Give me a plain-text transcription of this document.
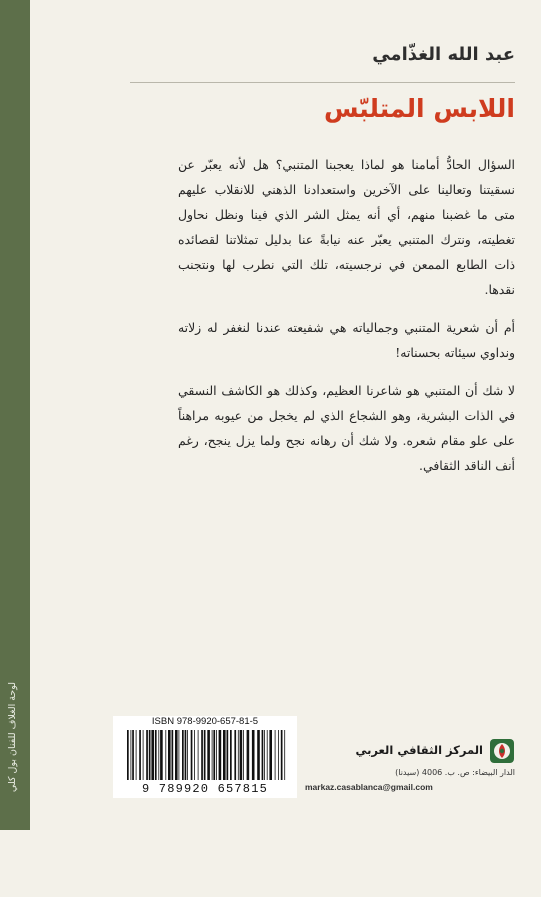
لوحة الغلاف للفنان بول كلي
عبد الله الغذّامي
اللابس المتلبّس

السؤال الحادُّ أمامنا هو لماذا يعجبنا المتنبي؟ هل لأنه يعبّر عن نسقيتنا وتعالينا على الآخرين واستعدادنا الذهني للانقلاب عليهم متى ما غضبنا منهم، أي أنه يمثل الشر الذي فينا ونظل نحاول تغطيته، ونترك المتنبي يعبّر عنه نيابةً عنا بدليل تمثلاتنا لقصائده ذات الطابع الممعن في نرجسيته، تلك التي نطرب لها ونتجنب نقدها.

أم أن شعرية المتنبي وجمالياته هي شفيعته عندنا لنغفر له زلاته ونداوي سيئاته بحسناته!

لا شك أن المتنبي هو شاعرنا العظيم، وكذلك هو الكاشف النسقي في الذات البشرية، وهو الشجاع الذي لم يخجل من عيوبه مراهناً على علو مقام شعره. ولا شك أن رهانه نجح ولما يزل ينجح، رغم أنف الناقد الثقافي.

ISBN 978-9920-657-81-5
9 789920 657815
المركز الثقافي العربي
الدار البيضاء: ص. ب. 4006 (سيدنا)
markaz.casablanca@gmail.com
